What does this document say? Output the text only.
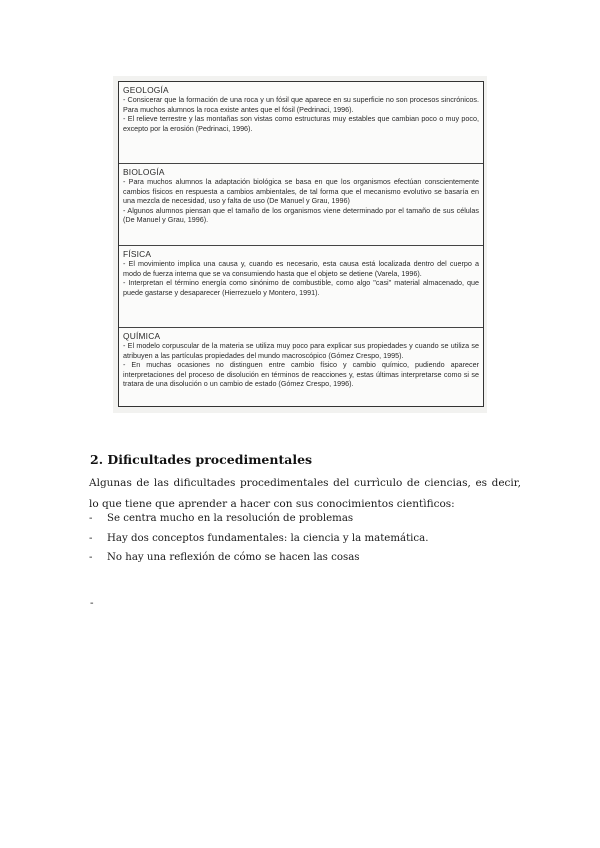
GEOLOGÍA

- Consicerar que la formación de una roca y un fósil que aparece en su superficie no son procesos sincrónicos. Para muchos alumnos la roca existe antes que el fósil (Pedrinaci, 1996).

- El relieve terrestre y las montañas son vistas como estructuras muy estables que cambian poco o muy poco, excepto por la erosión (Pedrinaci, 1996).

BIOLOGÍA

- Para muchos alumnos la adaptación biológica se basa en que los organismos efectúan conscientemente cambios físicos en respuesta a cambios ambientales, de tal forma que el mecanismo evolutivo se basaría en una mezcla de necesidad, uso y falta de uso (De Manuel y Grau, 1996)

- Algunos alumnos piensan que el tamaño de los organismos viene determinado por el tamaño de sus células (De Manuel y Grau, 1996).

FÍSICA

- El movimiento implica una causa y, cuando es necesario, esta causa está localizada dentro del cuerpo a modo de fuerza interna que se va consumiendo hasta que el objeto se detiene (Varela, 1996).

- Interpretan el término energía como sinónimo de combustible, como algo "casi" material almacenado, que puede gastarse y desaparecer (Hierrezuelo y Montero, 1991).

QUÍMICA

- El modelo corpuscular de la materia se utiliza muy poco para explicar sus propiedades y cuando se utiliza se atribuyen a las partículas propiedades del mundo macroscópico (Gómez Crespo, 1995).

- En muchas ocasiones no distinguen entre cambio físico y cambio químico, pudiendo aparecer interpretaciones del proceso de disolución en términos de reacciones y, estas últimas interpretarse como si se tratara de una disolución o un cambio de estado (Gómez Crespo, 1996).

2. Dificultades procedimentales
Algunas de las dificultades procedimentales del currìculo de ciencias, es decir, lo que tiene que aprender a hacer con sus conocimientos cientìficos:
-	Se centra mucho en la resolución de problemas
-	Hay dos conceptos fundamentales: la ciencia y la matemática.
-	No hay una reflexión de cómo se hacen las cosas
-
